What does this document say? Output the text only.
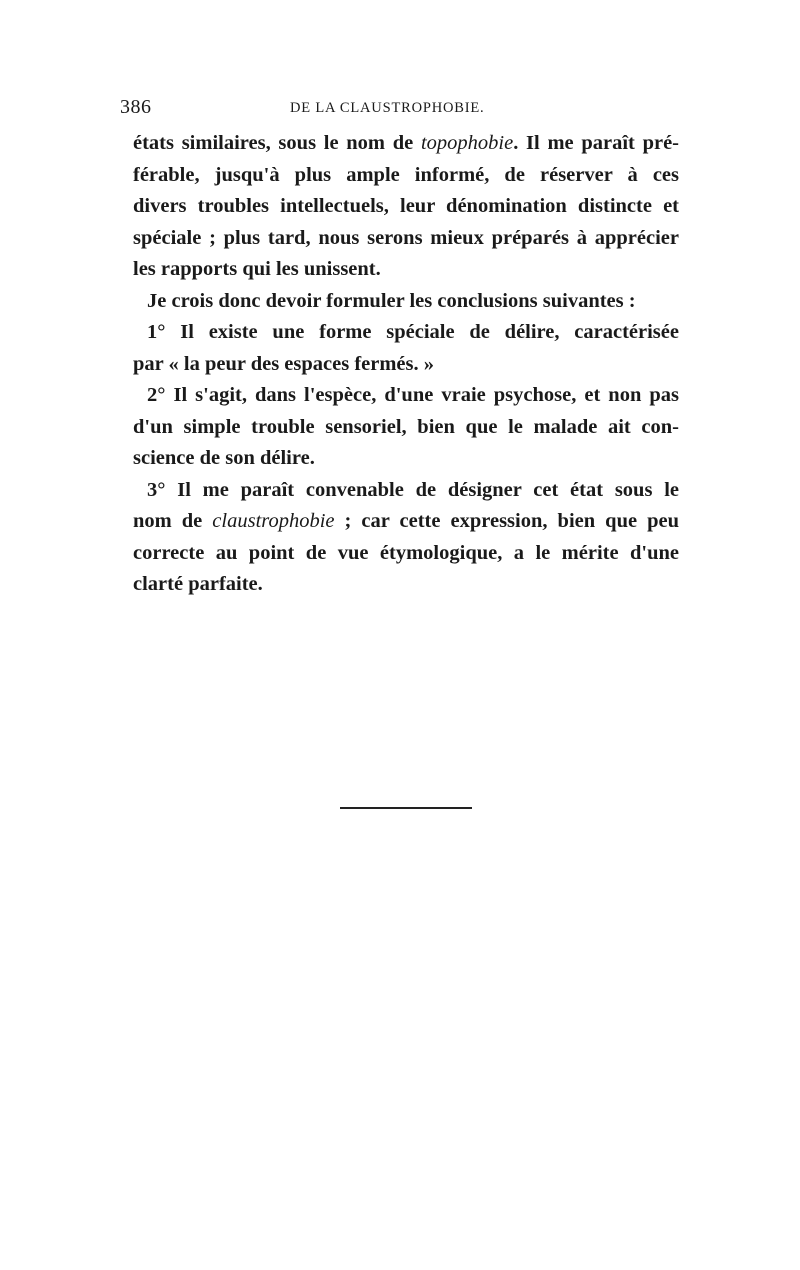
386	DE LA CLAUSTROPHOBIE.
états similaires, sous le nom de topophobie. Il me paraît pré-
férable, jusqu'à plus ample informé, de réserver à ces
divers troubles intellectuels, leur dénomination distincte et
spéciale ; plus tard, nous serons mieux préparés à apprécier
les rapports qui les unissent.
Je crois donc devoir formuler les conclusions suivantes :
1° Il existe une forme spéciale de délire, caractérisée
par « la peur des espaces fermés. »
2° Il s'agit, dans l'espèce, d'une vraie psychose, et non pas
d'un simple trouble sensoriel, bien que le malade ait con-
science de son délire.
3° Il me paraît convenable de désigner cet état sous le
nom de claustrophobie ; car cette expression, bien que peu
correcte au point de vue étymologique, a le mérite d'une
clarté parfaite.
